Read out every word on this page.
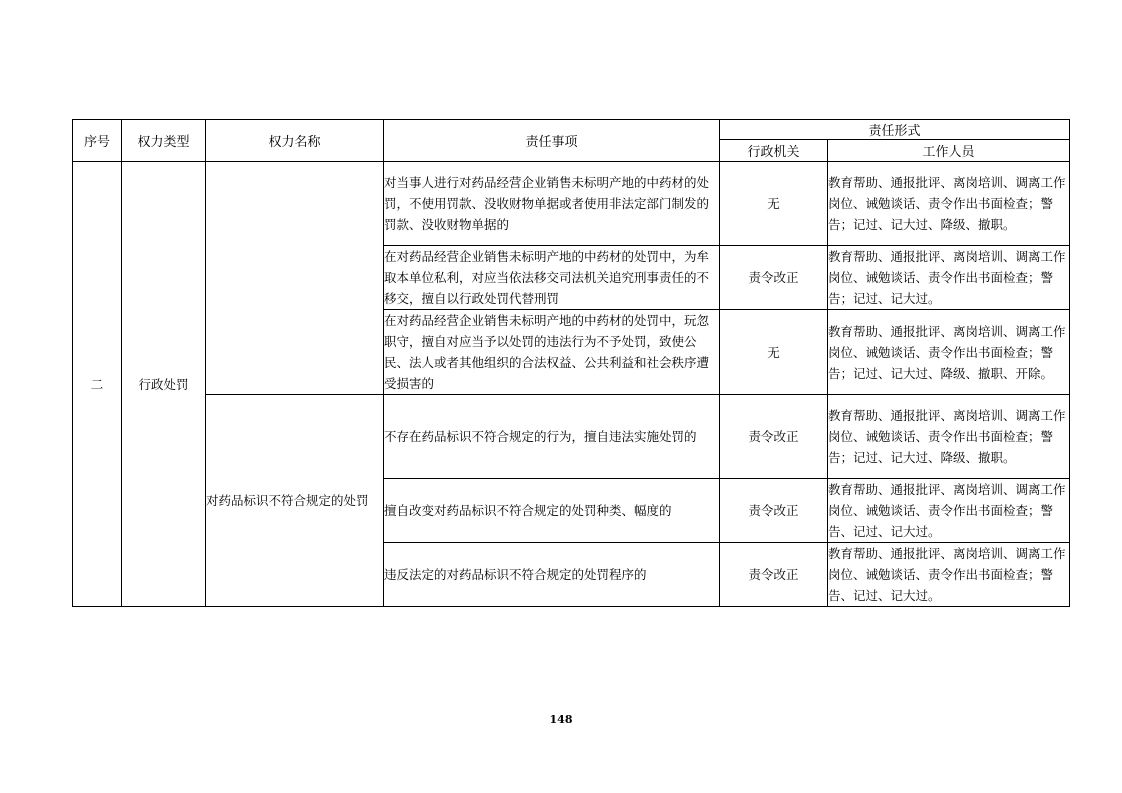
序号	权力类型	权力名称	责任事项	责任形式	
				行政机关	工作人员
二	行政处罚		对当事人进行对药品经营企业销售未标明产地的中药材的处罚，不使用罚款、没收财物单据或者使用非法定部门制发的罚款、没收财物单据的	无	教育帮助、通报批评、离岗培训、调离工作岗位、诫勉谈话、责令作出书面检查；警告；记过、记大过、降级、撤职。
			在对药品经营企业销售未标明产地的中药材的处罚中，为牟取本单位私利，对应当依法移交司法机关追究刑事责任的不移交，擅自以行政处罚代替刑罚	责令改正	教育帮助、通报批评、离岗培训、调离工作岗位、诫勉谈话、责令作出书面检查；警告；记过、记大过。
			在对药品经营企业销售未标明产地的中药材的处罚中，玩忽职守，擅自对应当予以处罚的违法行为不予处罚，致使公民、法人或者其他组织的合法权益、公共利益和社会秩序遭受损害的	无	教育帮助、通报批评、离岗培训、调离工作岗位、诫勉谈话、责令作出书面检查；警告；记过、记大过、降级、撤职、开除。
		对药品标识不符合规定的处罚	不存在药品标识不符合规定的行为，擅自违法实施处罚的	责令改正	教育帮助、通报批评、离岗培训、调离工作岗位、诫勉谈话、责令作出书面检查；警告；记过、记大过、降级、撤职。
			擅自改变对药品标识不符合规定的处罚种类、幅度的	责令改正	教育帮助、通报批评、离岗培训、调离工作岗位、诫勉谈话、责令作出书面检查；警告、记过、记大过。
			违反法定的对药品标识不符合规定的处罚程序的	责令改正	教育帮助、通报批评、离岗培训、调离工作岗位、诫勉谈话、责令作出书面检查；警告、记过、记大过。
148
